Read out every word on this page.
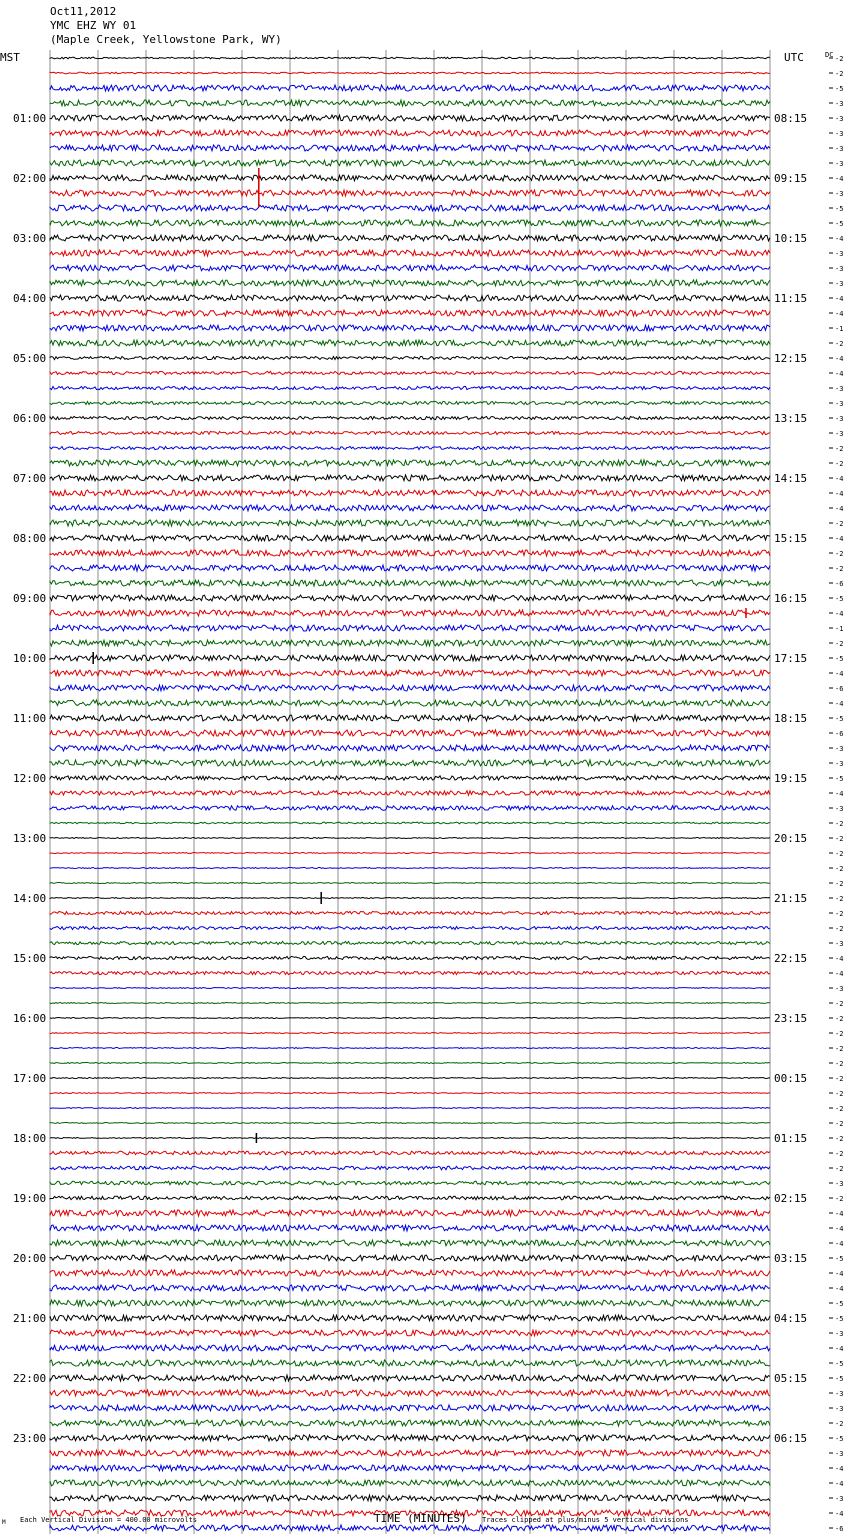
Oct11,2012
YMC EHZ WY 01
(Maple Creek, Yellowstone Park, WY)
MST	UTC	DC
TIME (MINUTES)
Each Vertical Division = 400.00 microvolts	Traces clipped at plus/minus 5 vertical divisions
M
-2
-2
-5
-3
-3
-3
-3
-3
-4
-3
-5
-5
-4
-3
-3
-3
-4
-4
-1
-2
-4
-4
-3
-3
-3
-3
-2
-2
-4
-4
-4
-2
-4
-2
-2
-6
-5
-4
-1
-2
-5
-4
-6
-4
-5
-6
-3
-3
-5
-4
-3
-2
-2
-2
-2
-2
-2
-2
-2
-3
-4
-4
-3
-2
-2
-2
-2
-2
-2
-2
-2
-2
-2
-2
-2
-3
-2
-4
-4
-4
-5
-4
-4
-5
-5
-3
-4
-5
-5
-3
-3
-2
-5
-3
-4
-4
-3
-4
-6
01:00	08:15
02:00	09:15
03:00	10:15
04:00	11:15
05:00	12:15
06:00	13:15
07:00	14:15
08:00	15:15
09:00	16:15
10:00	17:15
11:00	18:15
12:00	19:15
13:00	20:15
14:00	21:15
15:00	22:15
16:00	23:15
17:00	00:15
18:00	01:15
19:00	02:15
20:00	03:15
21:00	04:15
22:00	05:15
23:00	06:15
